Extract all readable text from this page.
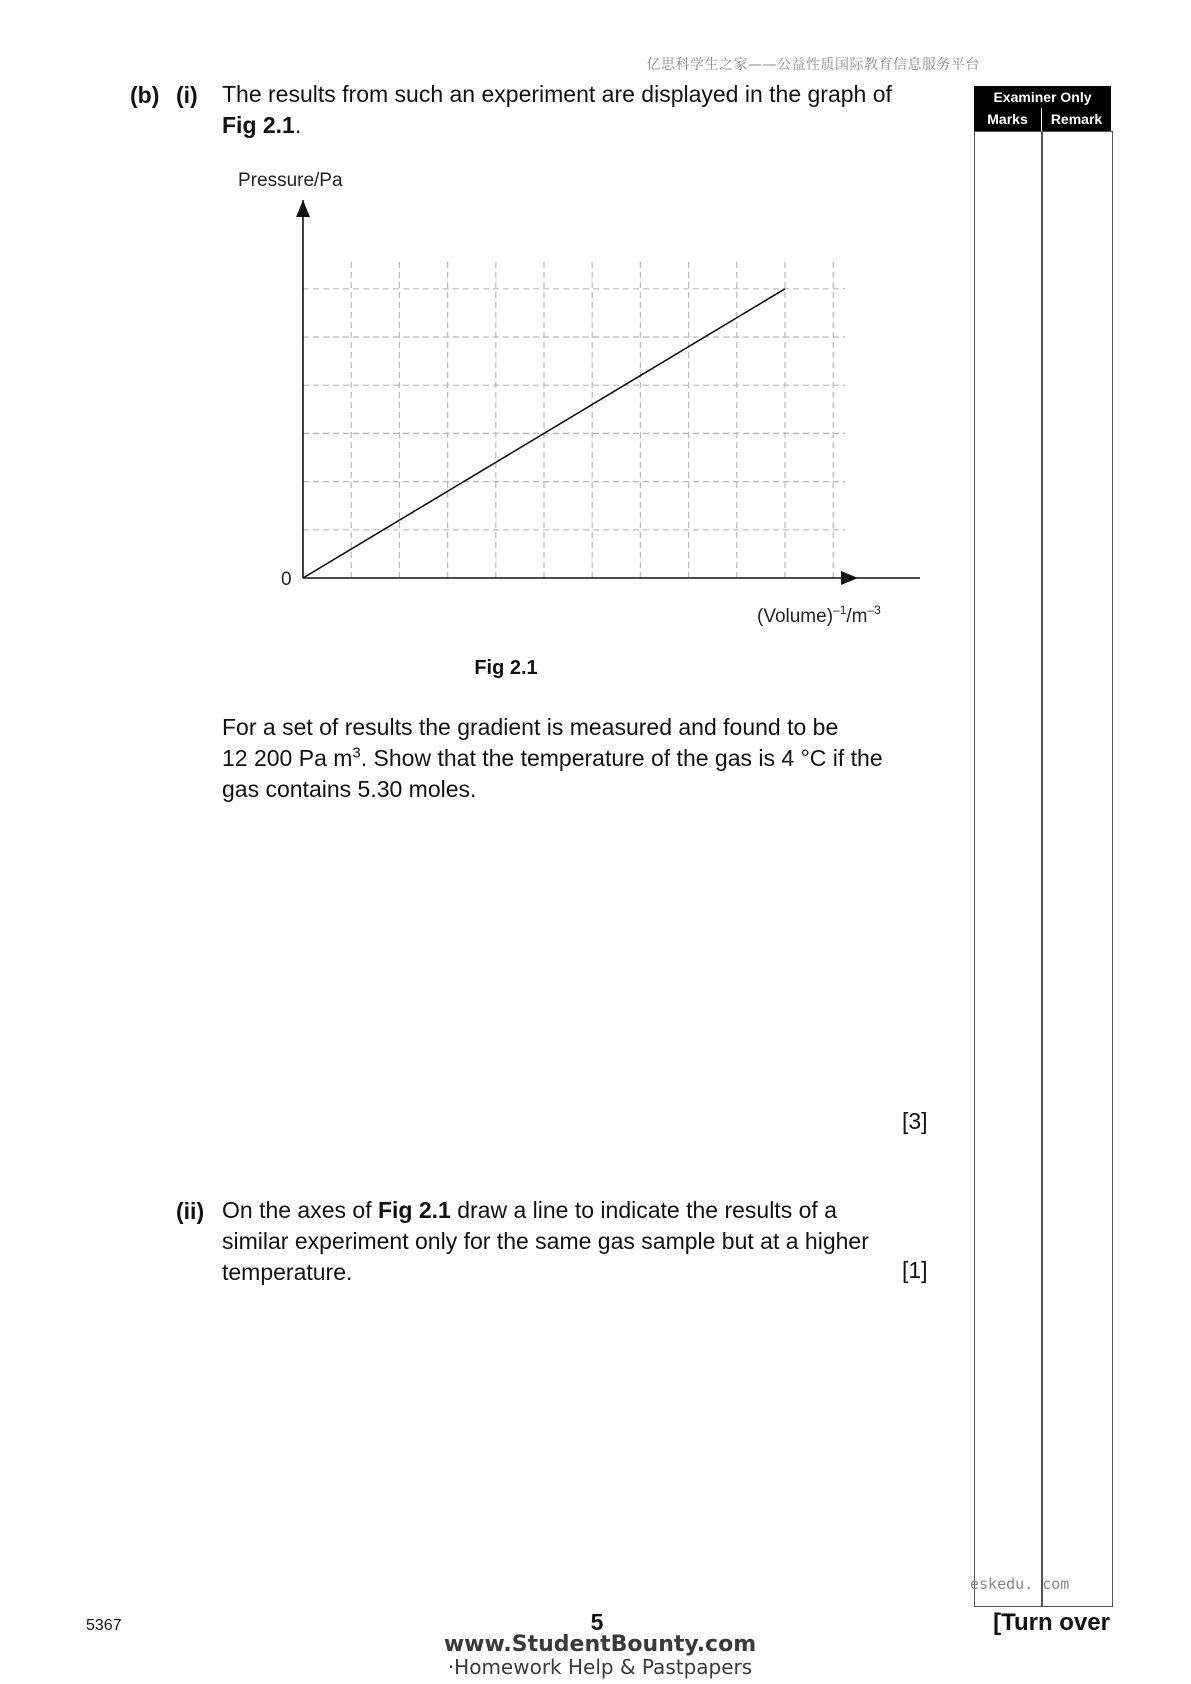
亿思科学生之家——公益性质国际教育信息服务平台
Examiner Only
Marks	Remark
(b) (i) The results from such an experiment are displayed in the graph of Fig 2.1.
Pressure/Pa
0
$(Volume)^{-1}/m^{-3}$
Fig 2.1
For a set of results the gradient is measured and found to be
12 200 Pa $m^3$. Show that the temperature of the gas is 4 °C if the
gas contains 5.30 moles.
[3]
(ii) On the axes of Fig 2.1 draw a line to indicate the results of a
similar experiment only for the same gas sample but at a higher
temperature.	[1]
eskedu. com
5367	5	[Turn over
www.StudentBounty.com
·Homework Help & Pastpapers
